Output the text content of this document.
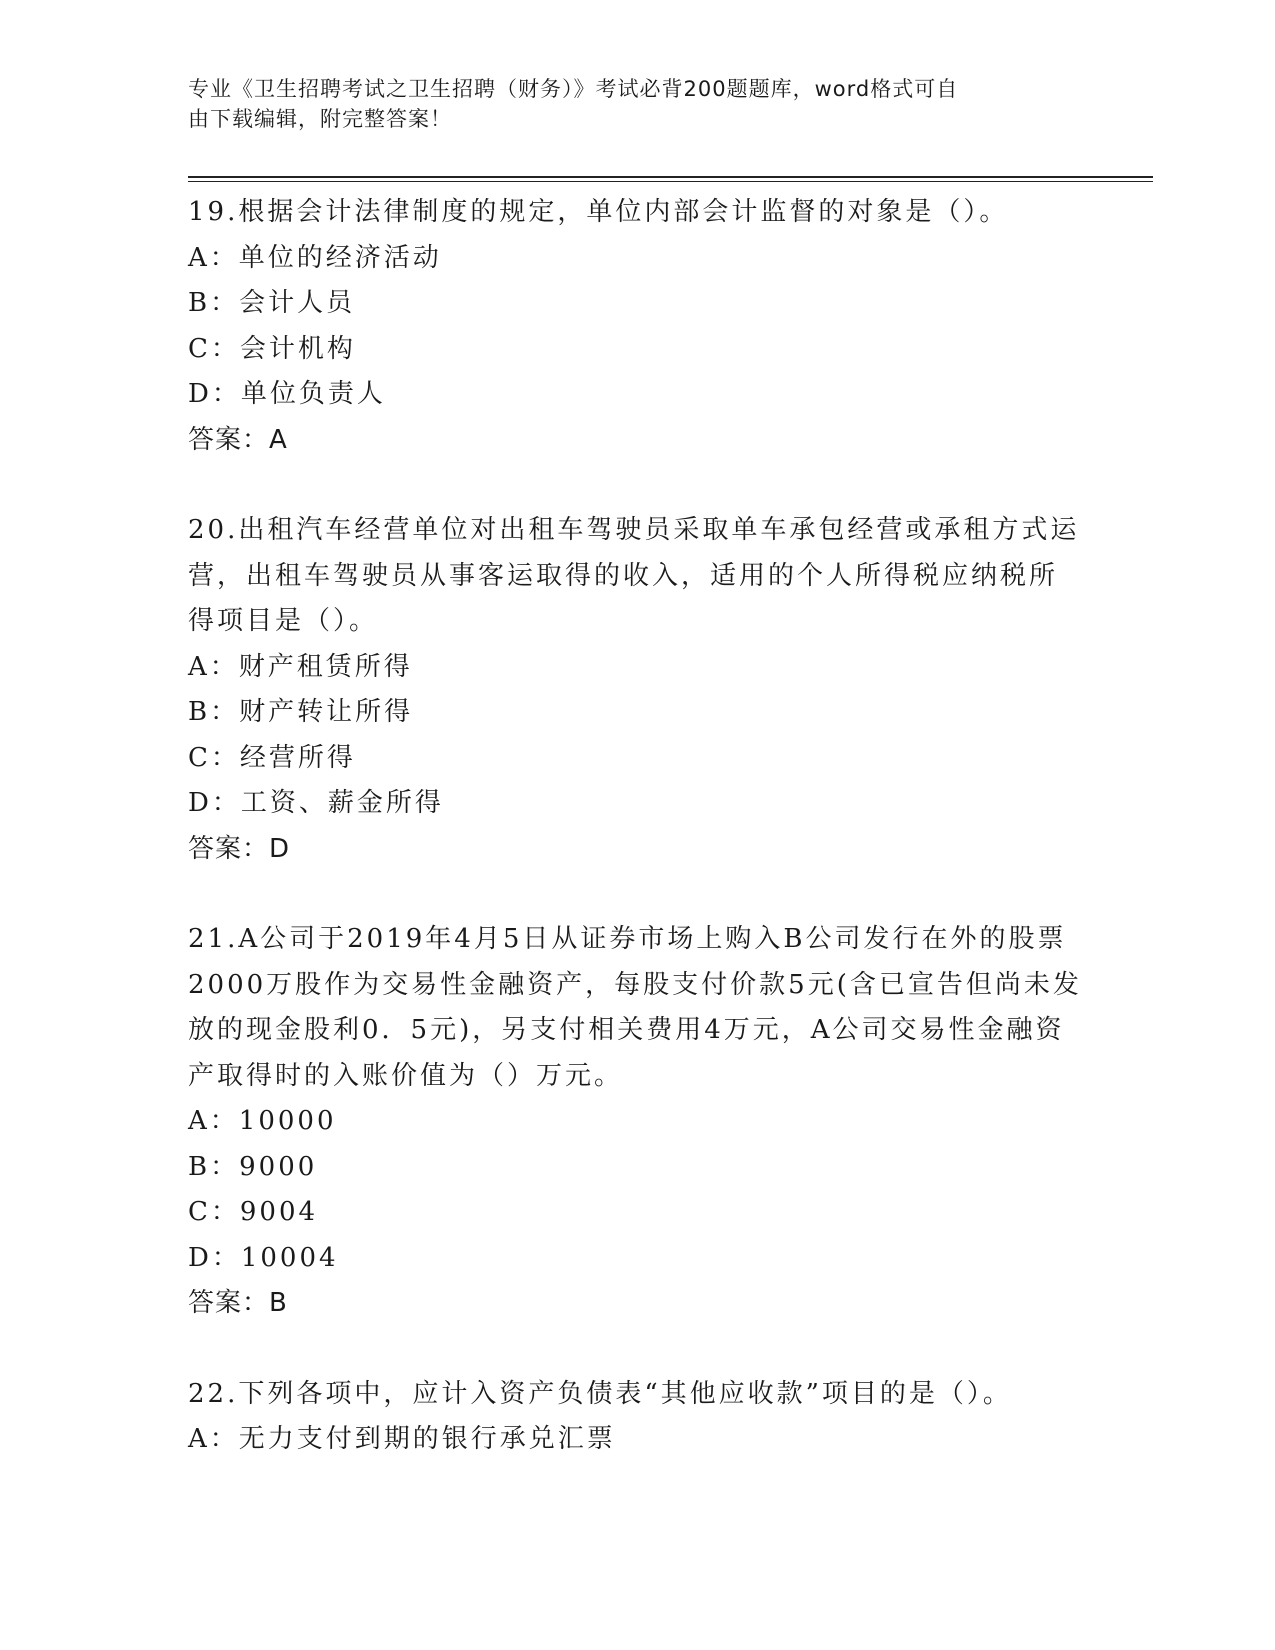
专业《卫生招聘考试之卫生招聘（财务）》考试必背200题题库，word格式可自
由下载编辑，附完整答案！

19.根据会计法律制度的规定，单位内部会计监督的对象是（）。

A：单位的经济活动

B：会计人员

C：会计机构

D：单位负责人

答案：A

20.出租汽车经营单位对出租车驾驶员采取单车承包经营或承租方式运

营，出租车驾驶员从事客运取得的收入，适用的个人所得税应纳税所

得项目是（）。

A：财产租赁所得

B：财产转让所得

C：经营所得

D：工资、薪金所得

答案：D

21.A公司于2019年4月5日从证券市场上购入B公司发行在外的股票

2000万股作为交易性金融资产，每股支付价款5元(含已宣告但尚未发

放的现金股利0．5元)，另支付相关费用4万元，A公司交易性金融资

产取得时的入账价值为（）万元。

A：10000

B：9000

C：9004

D：10004

答案：B

22.下列各项中，应计入资产负债表“其他应收款”项目的是（）。

A：无力支付到期的银行承兑汇票
